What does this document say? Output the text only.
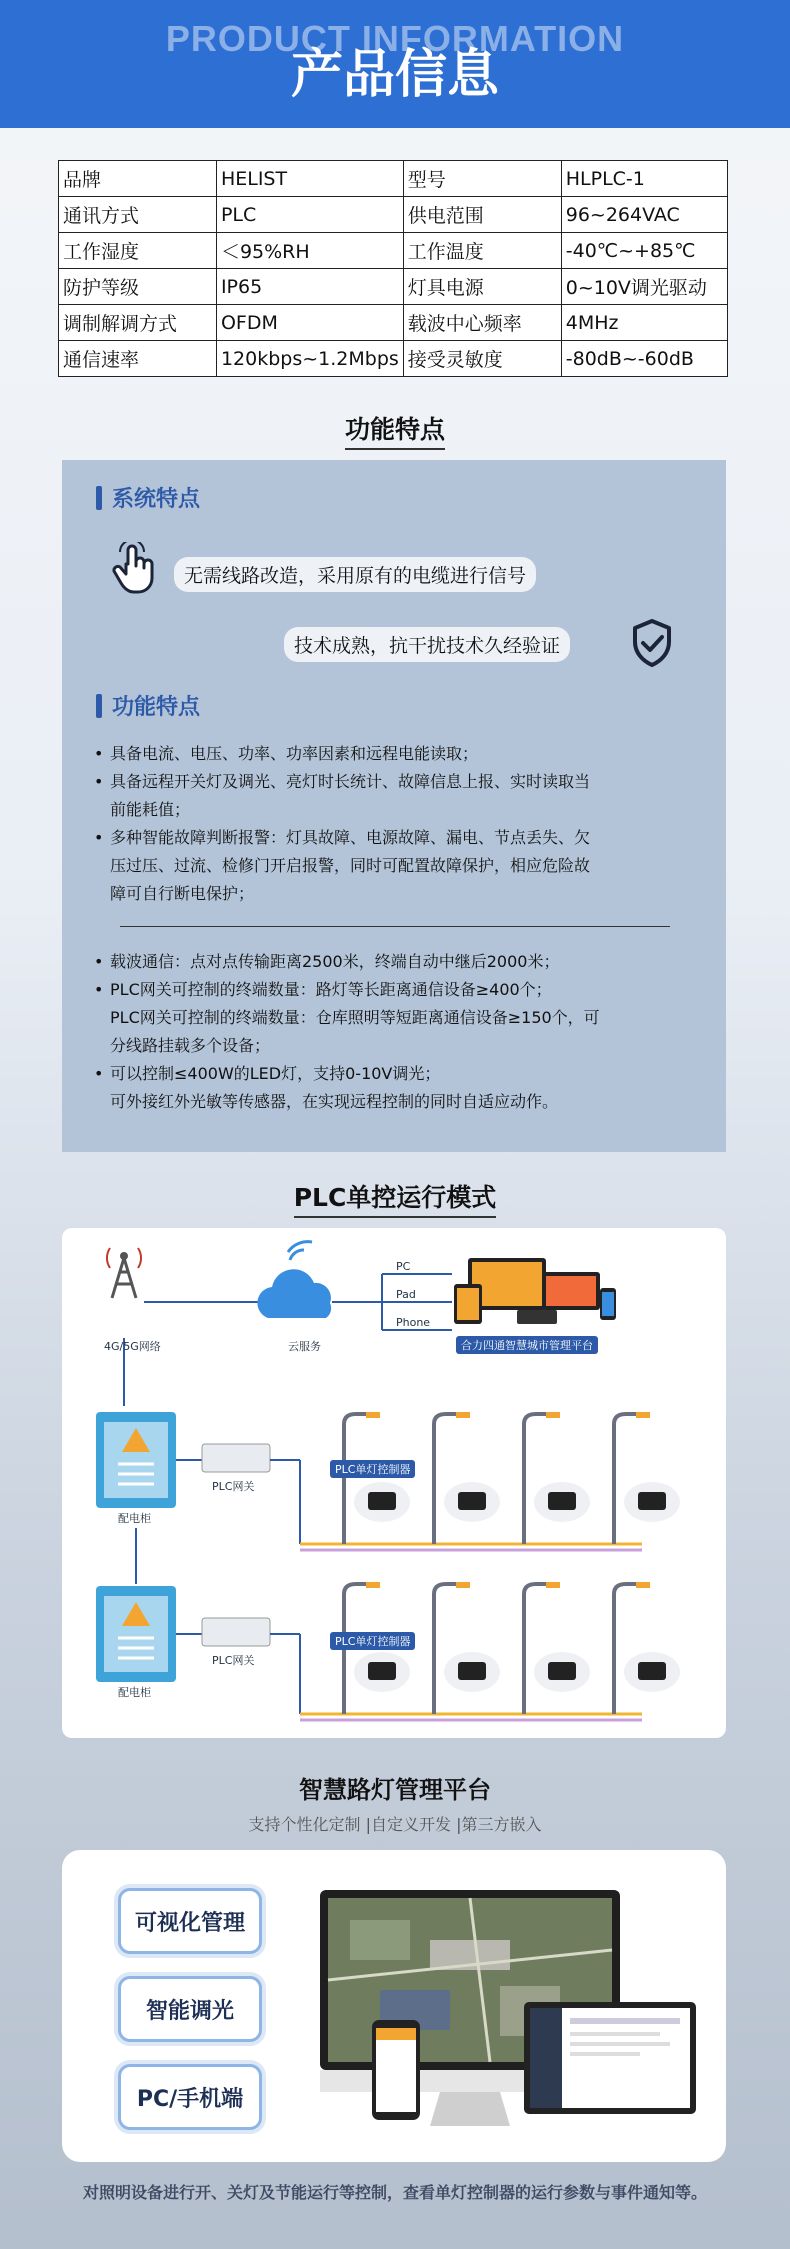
PRODUCT INFORMATION
产品信息
品牌	HELIST	型号	HLPLC-1
通讯方式	PLC	供电范围	96~264VAC
工作湿度	＜95%RH	工作温度	-40℃~+85℃
防护等级	IP65	灯具电源	0~10V调光驱动
调制解调方式	OFDM	载波中心频率	4MHz
通信速率	120kbps~1.2Mbps	接受灵敏度	-80dB~-60dB
功能特点
系统特点
无需线路改造，采用原有的电缆进行信号
技术成熟，抗干扰技术久经验证
功能特点
• 具备电流、电压、功率、功率因素和远程电能读取；
• 具备远程开关灯及调光、亮灯时长统计、故障信息上报、实时读取当
前能耗值；
• 多种智能故障判断报警：灯具故障、电源故障、漏电、节点丢失、欠
压过压、过流、检修门开启报警，同时可配置故障保护，相应危险故
障可自行断电保护；
• 载波通信：点对点传输距离2500米，终端自动中继后2000米；
• PLC网关可控制的终端数量：路灯等长距离通信设备≥400个；
PLC网关可控制的终端数量：仓库照明等短距离通信设备≥150个，可
分线路挂载多个设备；
• 可以控制≤400W的LED灯，支持0-10V调光；
可外接红外光敏等传感器，在实现远程控制的同时自适应动作。
PLC单控运行模式
4G/5G网络	云服务
PC
Pad
Phone
合力四通智慧城市管理平台
PLC网关
配电柜
PLC单灯控制器
PLC网关
配电柜
PLC单灯控制器
智慧路灯管理平台
支持个性化定制 |自定义开发 |第三方嵌入
可视化管理
智能调光
PC/手机端
对照明设备进行开、关灯及节能运行等控制，查看单灯控制器的运行参数与事件通知等。
